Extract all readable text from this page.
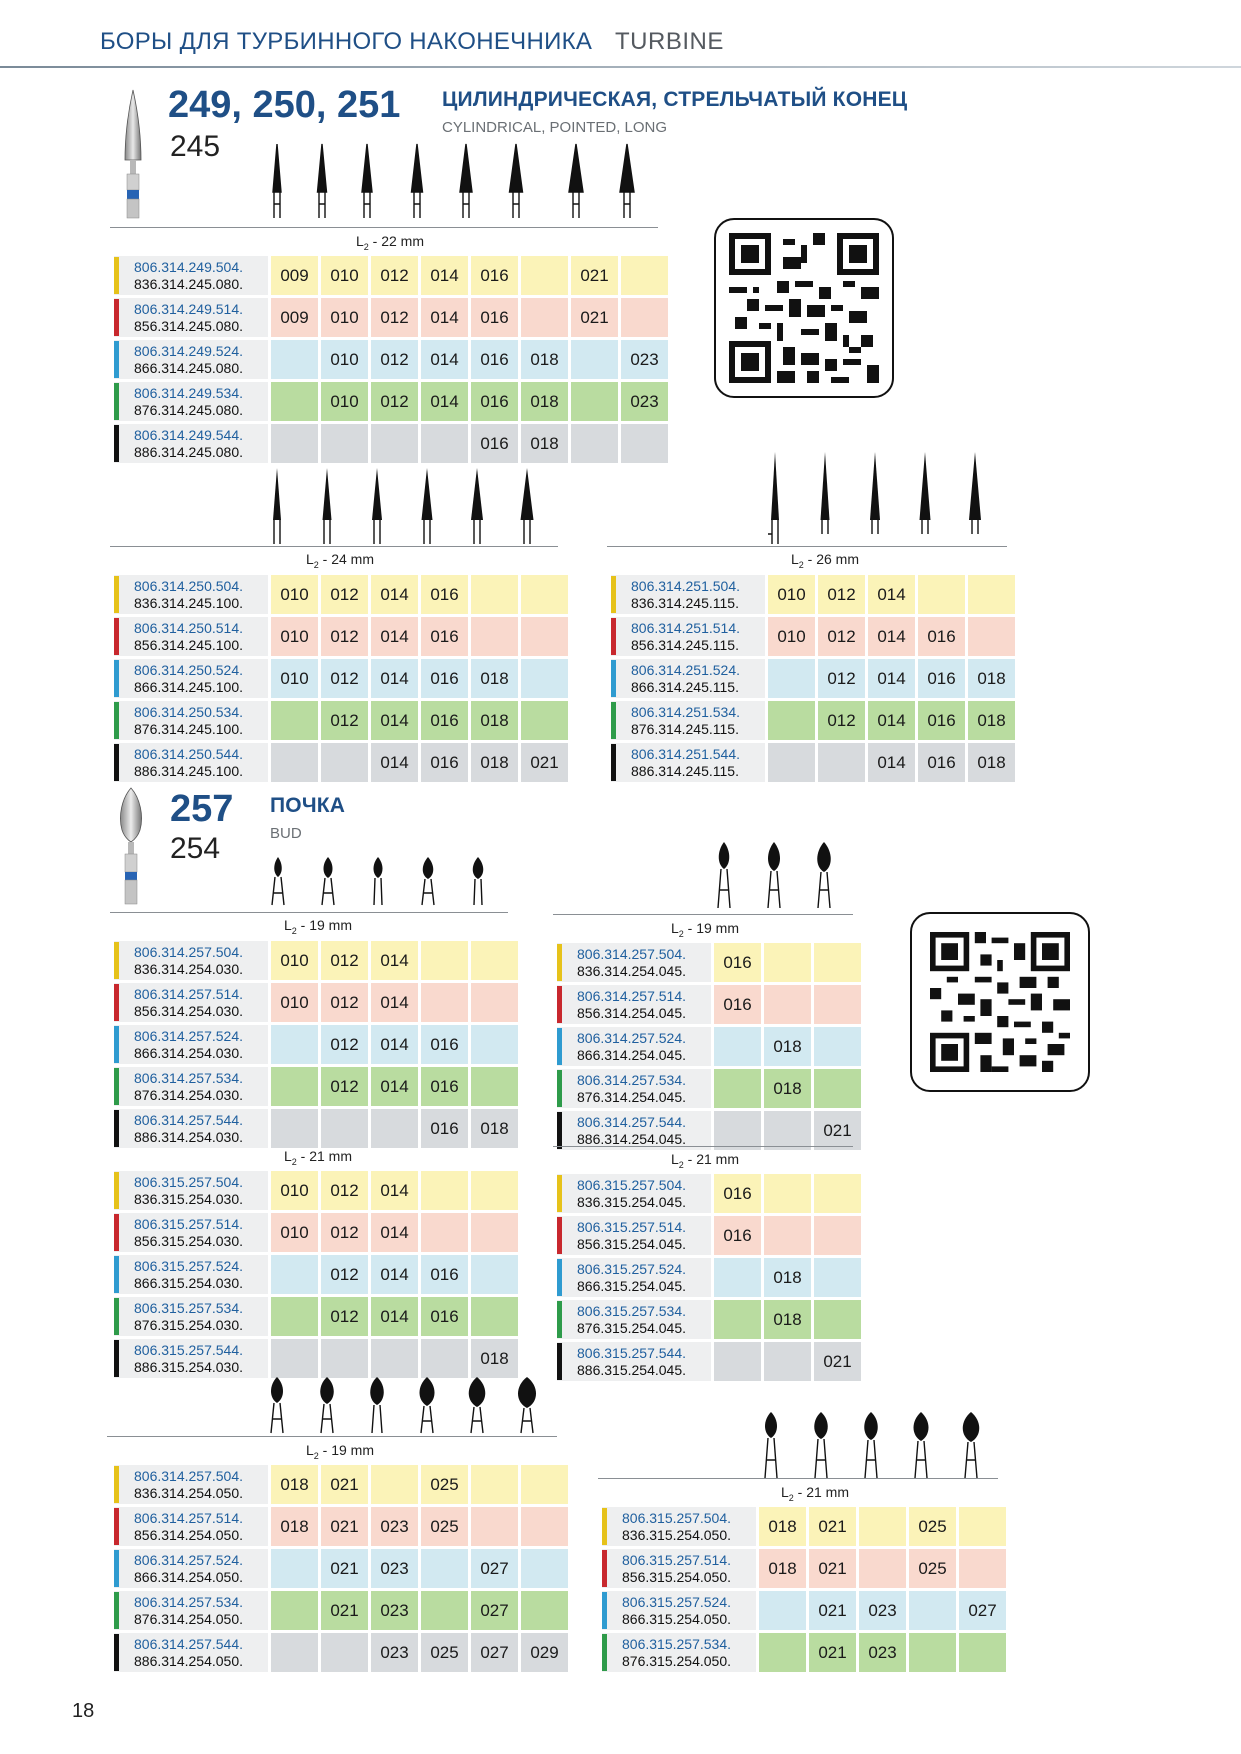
БОРЫ ДЛЯ ТУРБИННОГО НАКОНЕЧНИКА TURBINE
249, 250, 251
245
ЦИЛИНДРИЧЕСКАЯ, СТРЕЛЬЧАТЫЙ КОНЕЦ
CYLINDRICAL, POINTED, LONG
$L_2 - 22$ mm
806.314.249.504.
836.314.245.080.	009	010	012	014	016		021	

806.314.249.514.
856.314.245.080.	009	010	012	014	016		021	

806.314.249.524.
866.314.245.080.		010	012	014	016	018		023

806.314.249.534.
876.314.245.080.		010	012	014	016	018		023

806.314.249.544.
886.314.245.080.					016	018		
$L_2 - 24$ mm
806.314.250.504.
836.314.245.100.	010	012	014	016		

806.314.250.514.
856.314.245.100.	010	012	014	016		

806.314.250.524.
866.314.245.100.	010	012	014	016	018	

806.314.250.534.
876.314.245.100.		012	014	016	018	

806.314.250.544.
886.314.245.100.			014	016	018	021
$L_2 - 26$ mm
806.314.251.504.
836.314.245.115.	010	012	014		

806.314.251.514.
856.314.245.115.	010	012	014	016	

806.314.251.524.
866.314.245.115.		012	014	016	018

806.314.251.534.
876.314.245.115.		012	014	016	018

806.314.251.544.
886.314.245.115.			014	016	018
257
254
ПОЧКА
BUD
$L_2 - 19$ mm
806.314.257.504.
836.314.254.030.	010	012	014		

806.314.257.514.
856.314.254.030.	010	012	014		

806.314.257.524.
866.314.254.030.		012	014	016	

806.314.257.534.
876.314.254.030.		012	014	016	

806.314.257.544.
886.314.254.030.				016	018
$L_2 - 21$ mm
806.315.257.504.
836.315.254.030.	010	012	014		

806.315.257.514.
856.315.254.030.	010	012	014		

806.315.257.524.
866.315.254.030.		012	014	016	

806.315.257.534.
876.315.254.030.		012	014	016	

806.315.257.544.
886.315.254.030.					018
$L_2 - 19$ mm
806.314.257.504.
836.314.254.045.	016		

806.314.257.514.
856.314.254.045.	016		

806.314.257.524.
866.314.254.045.		018	

806.314.257.534.
876.314.254.045.		018	

806.314.257.544.
886.314.254.045.			021
$L_2 - 21$ mm
806.315.257.504.
836.315.254.045.	016		

806.315.257.514.
856.315.254.045.	016		

806.315.257.524.
866.315.254.045.		018	

806.315.257.534.
876.315.254.045.		018	

806.315.257.544.
886.315.254.045.			021
$L_2 - 19$ mm
806.314.257.504.
836.314.254.050.	018	021		025		

806.314.257.514.
856.314.254.050.	018	021	023	025		

806.314.257.524.
866.314.254.050.		021	023		027	

806.314.257.534.
876.314.254.050.		021	023		027	

806.314.257.544.
886.314.254.050.			023	025	027	029
$L_2 - 21$ mm
806.315.257.504.
836.315.254.050.	018	021		025	

806.315.257.514.
856.315.254.050.	018	021		025	

806.315.257.524.
866.315.254.050.		021	023		027

806.315.257.534.
876.315.254.050.		021	023		
18
